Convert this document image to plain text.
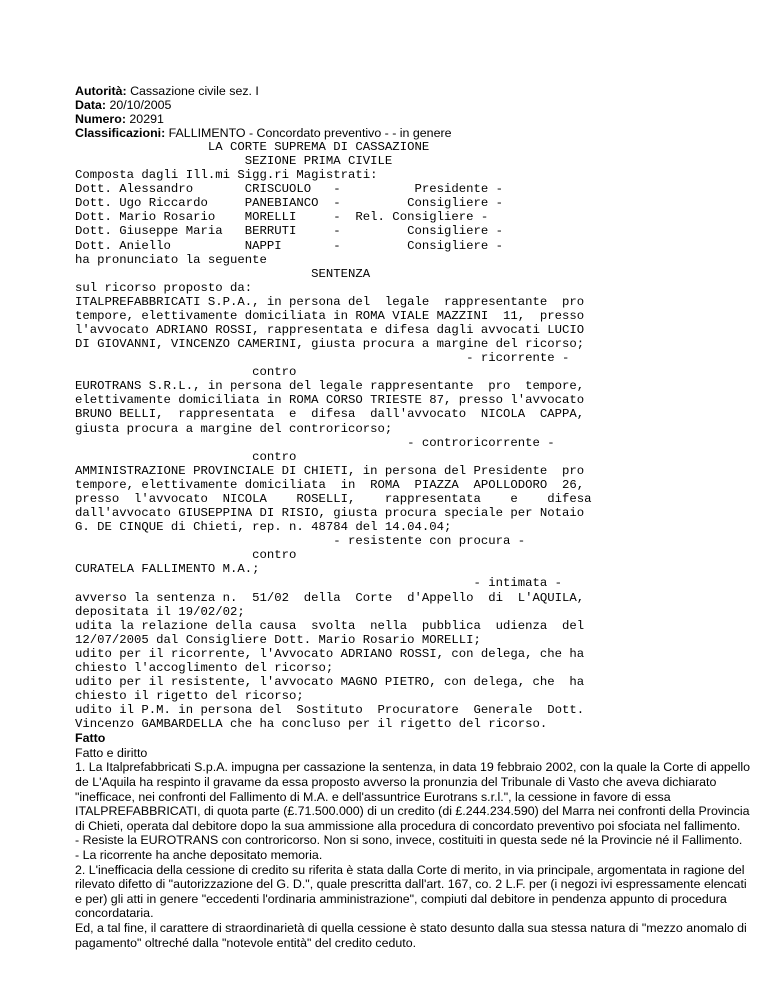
Autorità: Cassazione civile sez. I

Data: 20/10/2005

Numero: 20291

Classificazioni: FALLIMENTO - Concordato preventivo - - in genere

LA CORTE SUPREMA DI CASSAZIONE
SEZIONE PRIMA CIVILE
Composta dagli Ill.mi Sigg.ri Magistrati:
Dott. Alessandro       CRISCUOLO   -          Presidente -
Dott. Ugo Riccardo     PANEBIANCO  -         Consigliere -
Dott. Mario Rosario    MORELLI     -  Rel. Consigliere -
Dott. Giuseppe Maria   BERRUTI     -         Consigliere -
Dott. Aniello          NAPPI       -         Consigliere -
ha pronunciato la seguente
SENTENZA
sul ricorso proposto da:
ITALPREFABBRICATI S.P.A., in persona del  legale  rappresentante  pro
tempore, elettivamente domiciliata in ROMA VIALE MAZZINI  11,  presso
l'avvocato ADRIANO ROSSI, rappresentata e difesa dagli avvocati LUCIO
DI GIOVANNI, VINCENZO CAMERINI, giusta procura a margine del ricorso;
- ricorrente -
contro
EUROTRANS S.R.L., in persona del legale rappresentante  pro  tempore,
elettivamente domiciliata in ROMA CORSO TRIESTE 87, presso l'avvocato
BRUNO BELLI,  rappresentata  e  difesa  dall'avvocato  NICOLA  CAPPA,
giusta procura a margine del controricorso;
- controricorrente -
contro
AMMINISTRAZIONE PROVINCIALE DI CHIETI, in persona del Presidente  pro
tempore, elettivamente domiciliata  in  ROMA  PIAZZA  APOLLODORO  26,
presso  l'avvocato  NICOLA    ROSELLI,    rappresentata    e    difesa
dall'avvocato GIUSEPPINA DI RISIO, giusta procura speciale per Notaio
G. DE CINQUE di Chieti, rep. n. 48784 del 14.04.04;
- resistente con procura -
contro
CURATELA FALLIMENTO M.A.;
- intimata -
avverso la sentenza n.  51/02  della  Corte  d'Appello  di  L'AQUILA,
depositata il 19/02/02;
udita la relazione della causa  svolta  nella  pubblica  udienza  del
12/07/2005 dal Consigliere Dott. Mario Rosario MORELLI;
udito per il ricorrente, l'Avvocato ADRIANO ROSSI, con delega, che ha
chiesto l'accoglimento del ricorso;
udito per il resistente, l'avvocato MAGNO PIETRO, con delega, che  ha
chiesto il rigetto del ricorso;
udito il P.M. in persona del  Sostituto  Procuratore  Generale  Dott.
Vincenzo GAMBARDELLA che ha concluso per il rigetto del ricorso.

Fatto

Fatto e diritto

1. La Italprefabbricati S.p.A. impugna per cassazione la sentenza, in data 19 febbraio 2002, con la quale la Corte di appello de L'Aquila ha respinto il gravame da essa proposto avverso la pronunzia del Tribunale di Vasto che aveva dichiarato "inefficace, nei confronti del Fallimento di M.A. e dell'assuntrice Eurotrans s.r.l.", la cessione in favore di essa ITALPREFABBRICATI, di quota parte (£.71.500.000) di un credito (di £.244.234.590) del Marra nei confronti della Provincia di Chieti, operata dal debitore dopo la sua ammissione alla procedura di concordato preventivo poi sfociata nel fallimento.

- Resiste la EUROTRANS con controricorso. Non si sono, invece, costituiti in questa sede né la Provincie né il Fallimento.

- La ricorrente ha anche depositato memoria.

2. L'inefficacia della cessione di credito su riferita è stata dalla Corte di merito, in via principale, argomentata in ragione del rilevato difetto di "autorizzazione del G. D.", quale prescritta dall'art. 167, co. 2 L.F. per (i negozi ivi espressamente elencati e per) gli atti in genere "eccedenti l'ordinaria amministrazione", compiuti dal debitore in pendenza appunto di procedura concordataria.

Ed, a tal fine, il carattere di straordinarietà di quella cessione è stato desunto dalla sua stessa natura di "mezzo anomalo di pagamento" oltreché dalla "notevole entità" del credito ceduto.
